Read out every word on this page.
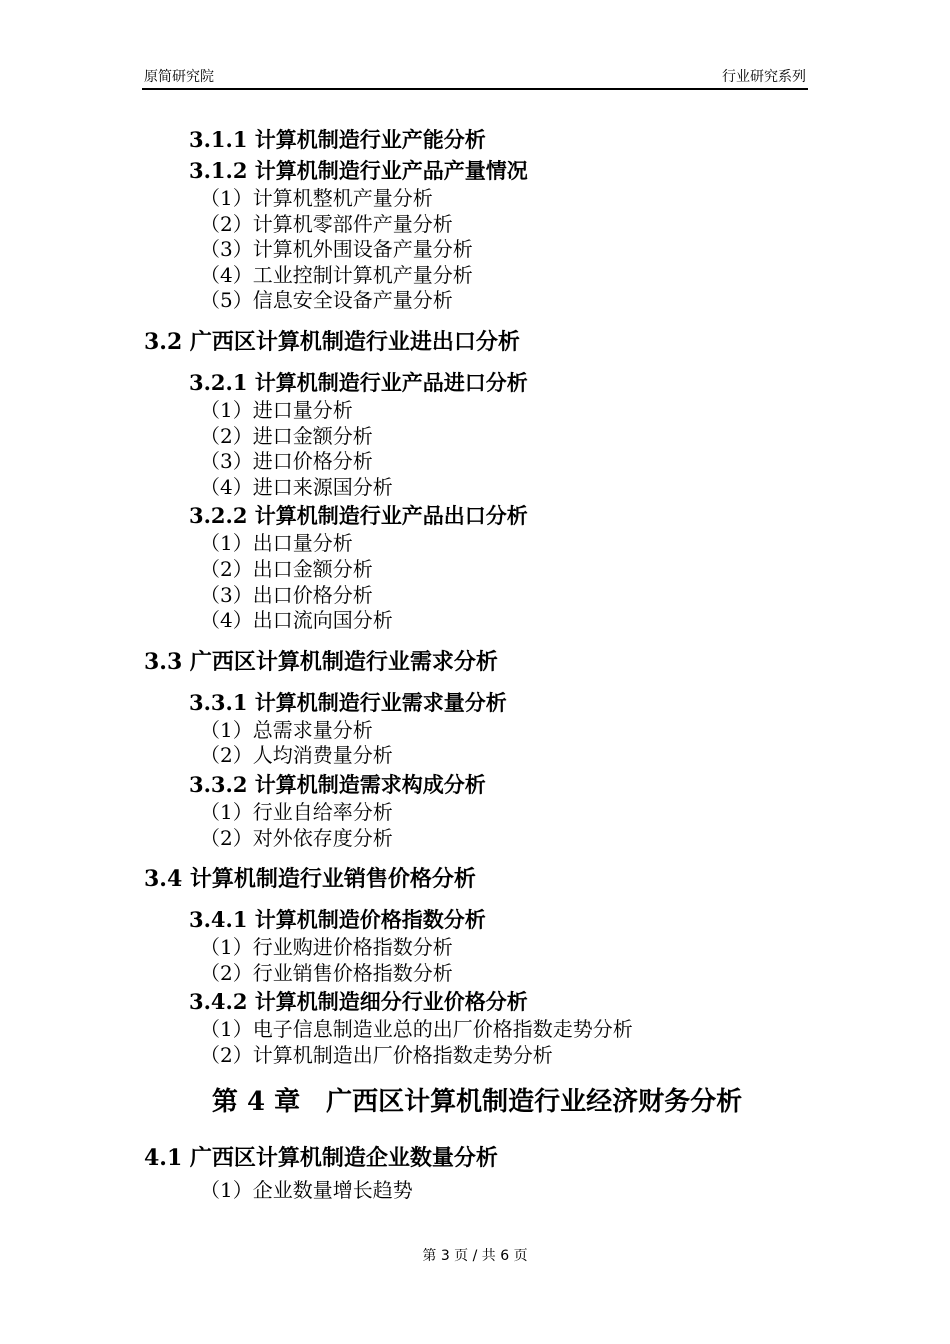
原简研究院	行业研究系列
3.1.1 计算机制造行业产能分析
3.1.2 计算机制造行业产品产量情况
（1）计算机整机产量分析
（2）计算机零部件产量分析
（3）计算机外围设备产量分析
（4）工业控制计算机产量分析
（5）信息安全设备产量分析
3.2 广西区计算机制造行业进出口分析
3.2.1 计算机制造行业产品进口分析
（1）进口量分析
（2）进口金额分析
（3）进口价格分析
（4）进口来源国分析
3.2.2 计算机制造行业产品出口分析
（1）出口量分析
（2）出口金额分析
（3）出口价格分析
（4）出口流向国分析
3.3 广西区计算机制造行业需求分析
3.3.1 计算机制造行业需求量分析
（1）总需求量分析
（2）人均消费量分析
3.3.2 计算机制造需求构成分析
（1）行业自给率分析
（2）对外依存度分析
3.4 计算机制造行业销售价格分析
3.4.1 计算机制造价格指数分析
（1）行业购进价格指数分析
（2）行业销售价格指数分析
3.4.2 计算机制造细分行业价格分析
（1）电子信息制造业总的出厂价格指数走势分析
（2）计算机制造出厂价格指数走势分析
第 4 章　广西区计算机制造行业经济财务分析
4.1 广西区计算机制造企业数量分析
（1）企业数量增长趋势
第 3 页 / 共 6 页
